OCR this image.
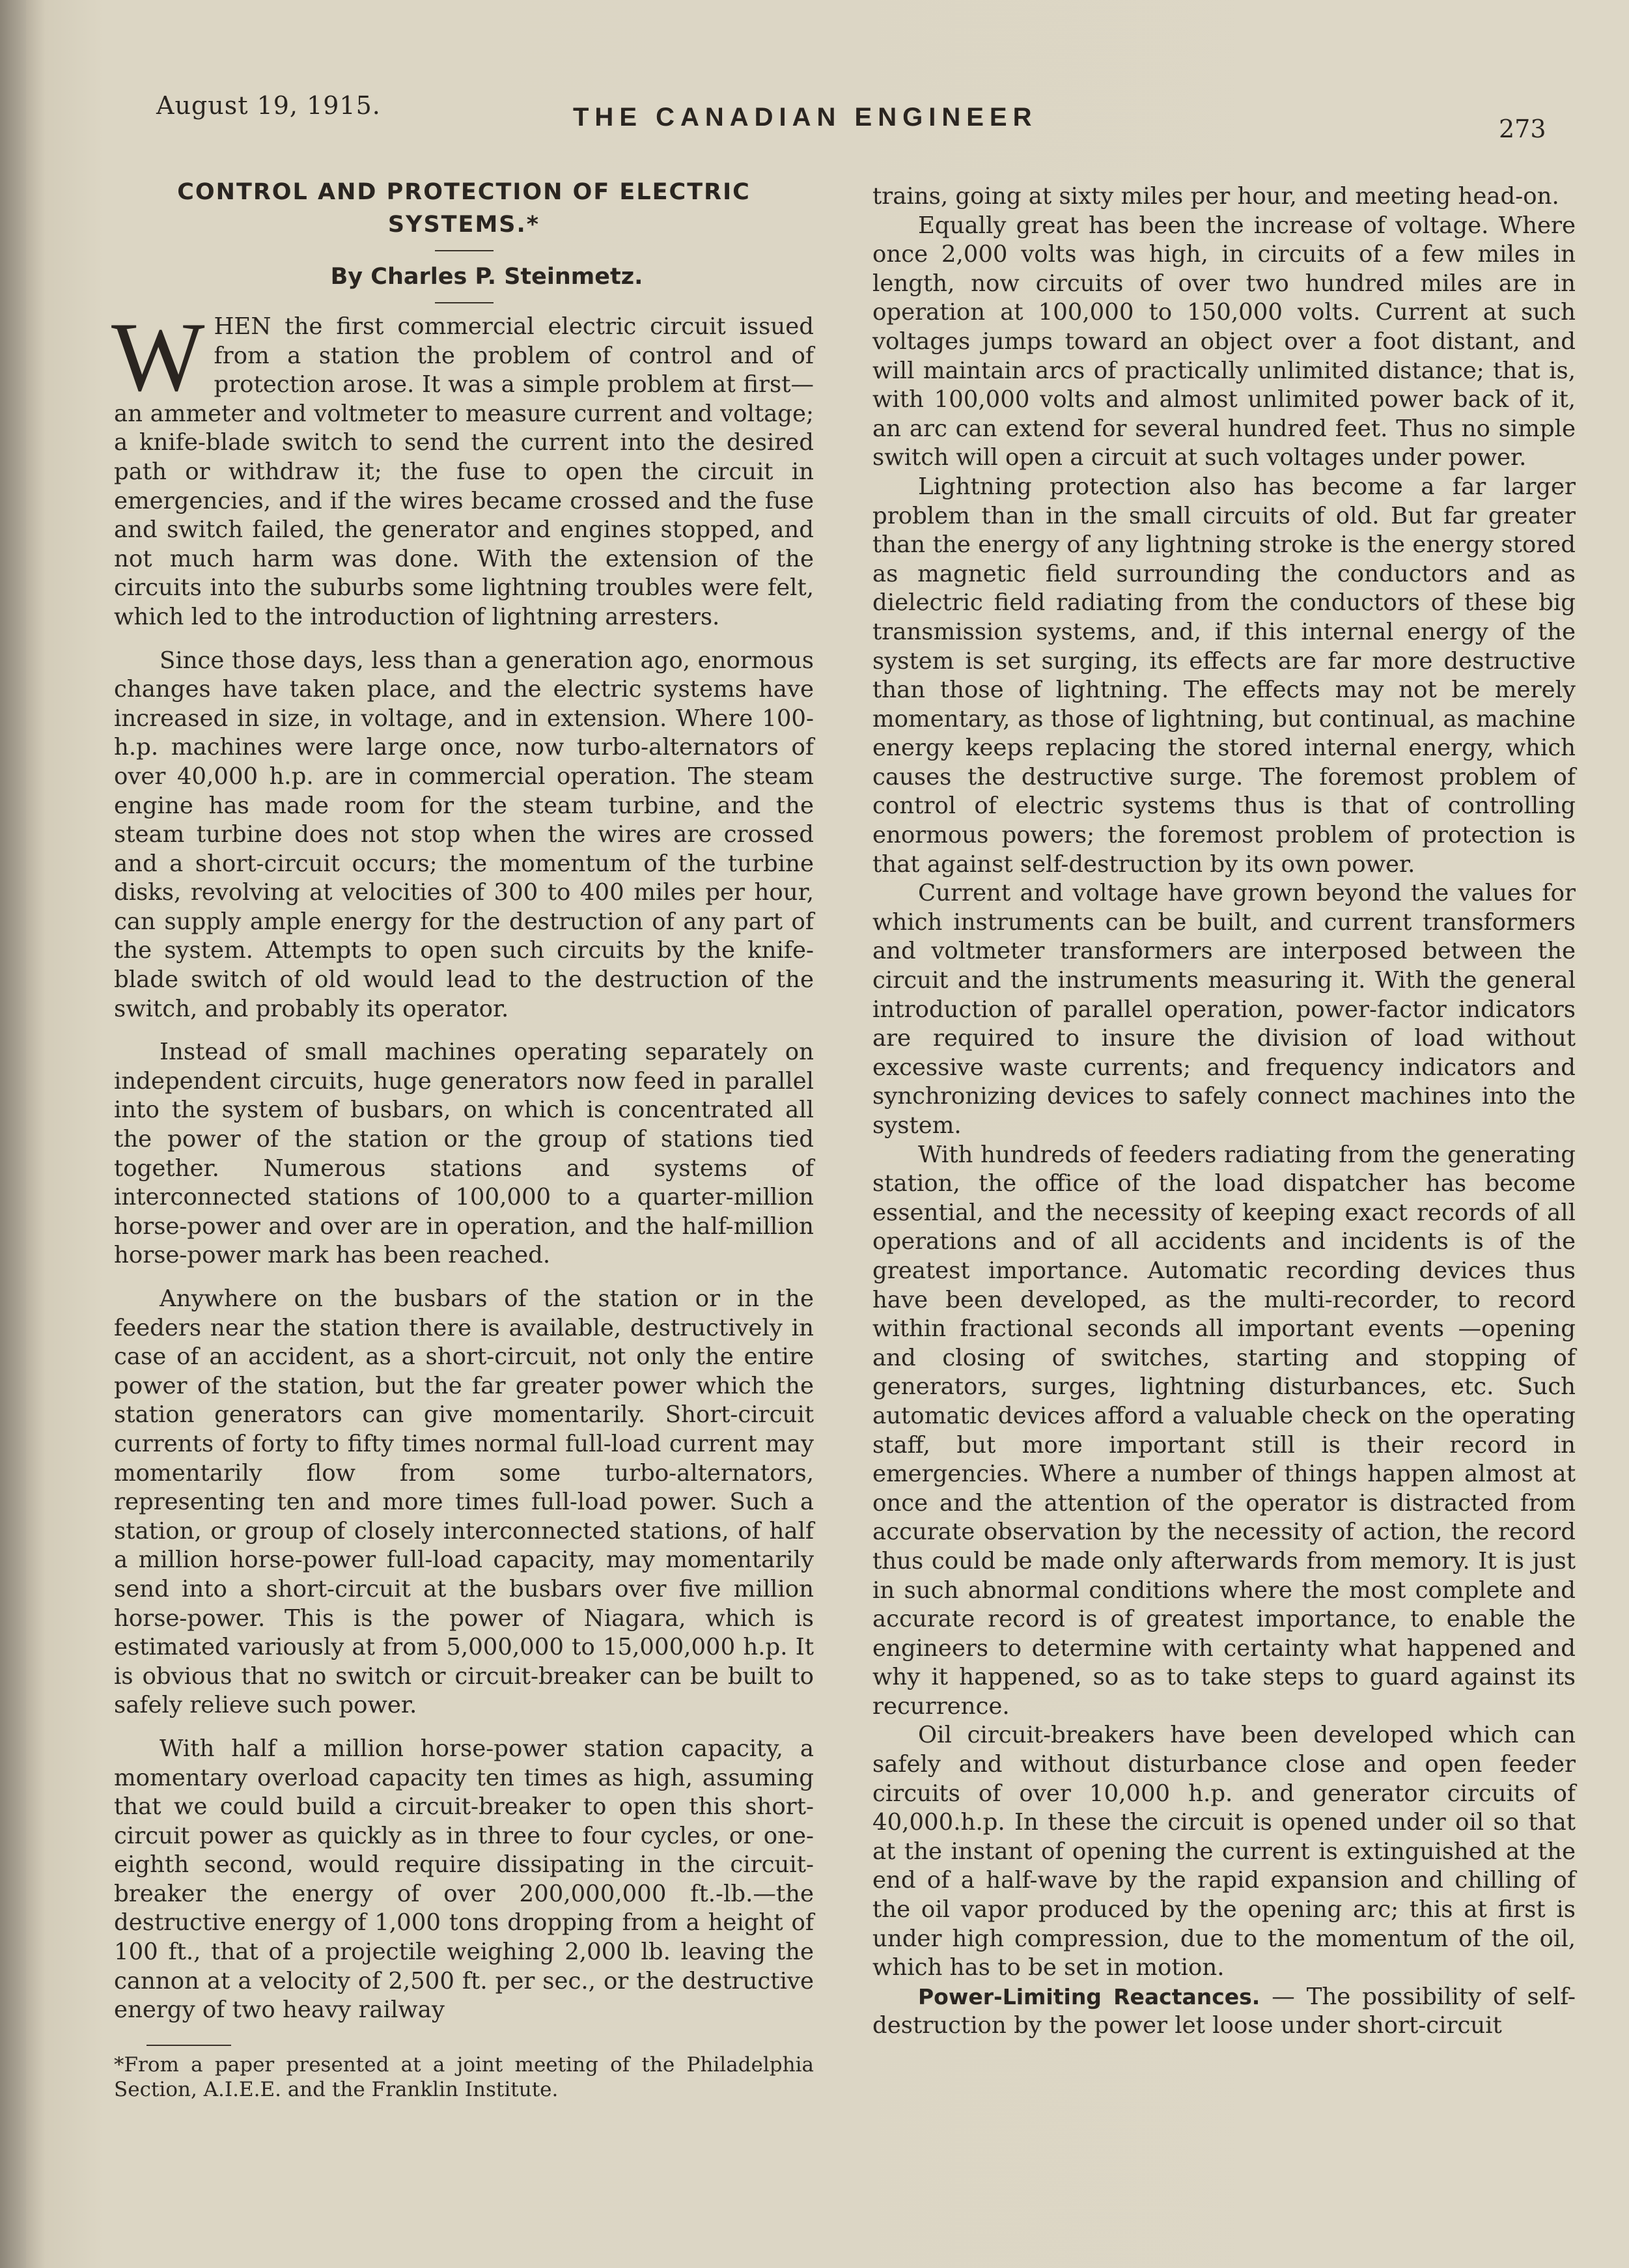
August 19, 1915.	THE CANADIAN ENGINEER	273
CONTROL AND PROTECTION OF ELECTRIC SYSTEMS.*

By Charles P. Steinmetz.

WHEN the first commercial electric circuit issued from a station the problem of control and of protection arose. It was a simple problem at first—an ammeter and voltmeter to measure current and voltage; a knife-blade switch to send the current into the desired path or withdraw it; the fuse to open the circuit in emergencies, and if the wires became crossed and the fuse and switch failed, the generator and engines stopped, and not much harm was done. With the extension of the circuits into the suburbs some lightning troubles were felt, which led to the introduction of lightning arresters.

Since those days, less than a generation ago, enormous changes have taken place, and the electric systems have increased in size, in voltage, and in extension. Where 100-h.p. machines were large once, now turbo-alternators of over 40,000 h.p. are in commercial operation. The steam engine has made room for the steam turbine, and the steam turbine does not stop when the wires are crossed and a short-circuit occurs; the momentum of the turbine disks, revolving at velocities of 300 to 400 miles per hour, can supply ample energy for the destruction of any part of the system. Attempts to open such circuits by the knife-blade switch of old would lead to the destruction of the switch, and probably its operator.

Instead of small machines operating separately on independent circuits, huge generators now feed in parallel into the system of busbars, on which is concentrated all the power of the station or the group of stations tied together. Numerous stations and systems of interconnected stations of 100,000 to a quarter-million horse-power and over are in operation, and the half-million horse-power mark has been reached.

Anywhere on the busbars of the station or in the feeders near the station there is available, destructively in case of an accident, as a short-circuit, not only the entire power of the station, but the far greater power which the station generators can give momentarily. Short-circuit currents of forty to fifty times normal full-load current may momentarily flow from some turbo-alternators, representing ten and more times full-load power. Such a station, or group of closely interconnected stations, of half a million horse-power full-load capacity, may momentarily send into a short-circuit at the busbars over five million horse-power. This is the power of Niagara, which is estimated variously at from 5,000,000 to 15,000,000 h.p. It is obvious that no switch or circuit-breaker can be built to safely relieve such power.

With half a million horse-power station capacity, a momentary overload capacity ten times as high, assuming that we could build a circuit-breaker to open this short-circuit power as quickly as in three to four cycles, or one-eighth second, would require dissipating in the circuit-breaker the energy of over 200,000,000 ft.-lb.—the destructive energy of 1,000 tons dropping from a height of 100 ft., that of a projectile weighing 2,000 lb. leaving the cannon at a velocity of 2,500 ft. per sec., or the destructive energy of two heavy railway

*From a paper presented at a joint meeting of the Philadelphia Section, A.I.E.E. and the Franklin Institute.

trains, going at sixty miles per hour, and meeting head-on.

Equally great has been the increase of voltage. Where once 2,000 volts was high, in circuits of a few miles in length, now circuits of over two hundred miles are in operation at 100,000 to 150,000 volts. Current at such voltages jumps toward an object over a foot distant, and will maintain arcs of practically unlimited distance; that is, with 100,000 volts and almost unlimited power back of it, an arc can extend for several hundred feet. Thus no simple switch will open a circuit at such voltages under power.

Lightning protection also has become a far larger problem than in the small circuits of old. But far greater than the energy of any lightning stroke is the energy stored as magnetic field surrounding the conductors and as dielectric field radiating from the conductors of these big transmission systems, and, if this internal energy of the system is set surging, its effects are far more destructive than those of lightning. The effects may not be merely momentary, as those of lightning, but continual, as machine energy keeps replacing the stored internal energy, which causes the destructive surge. The foremost problem of control of electric systems thus is that of controlling enormous powers; the foremost problem of protection is that against self-destruction by its own power.

Current and voltage have grown beyond the values for which instruments can be built, and current transformers and voltmeter transformers are interposed between the circuit and the instruments measuring it. With the general introduction of parallel operation, power-factor indicators are required to insure the division of load without excessive waste currents; and frequency indicators and synchronizing devices to safely connect machines into the system.

With hundreds of feeders radiating from the generating station, the office of the load dispatcher has become essential, and the necessity of keeping exact records of all operations and of all accidents and incidents is of the greatest importance. Automatic recording devices thus have been developed, as the multi-recorder, to record within fractional seconds all important events —opening and closing of switches, starting and stopping of generators, surges, lightning disturbances, etc. Such automatic devices afford a valuable check on the operating staff, but more important still is their record in emergencies. Where a number of things happen almost at once and the attention of the operator is distracted from accurate observation by the necessity of action, the record thus could be made only afterwards from memory. It is just in such abnormal conditions where the most complete and accurate record is of greatest importance, to enable the engineers to determine with certainty what happened and why it happened, so as to take steps to guard against its recurrence.

Oil circuit-breakers have been developed which can safely and without disturbance close and open feeder circuits of over 10,000 h.p. and generator circuits of 40,000.h.p. In these the circuit is opened under oil so that at the instant of opening the current is extinguished at the end of a half-wave by the rapid expansion and chilling of the oil vapor produced by the opening arc; this at first is under high compression, due to the momentum of the oil, which has to be set in motion.

Power-Limiting Reactances. — The possibility of self-destruction by the power let loose under short-circuit
